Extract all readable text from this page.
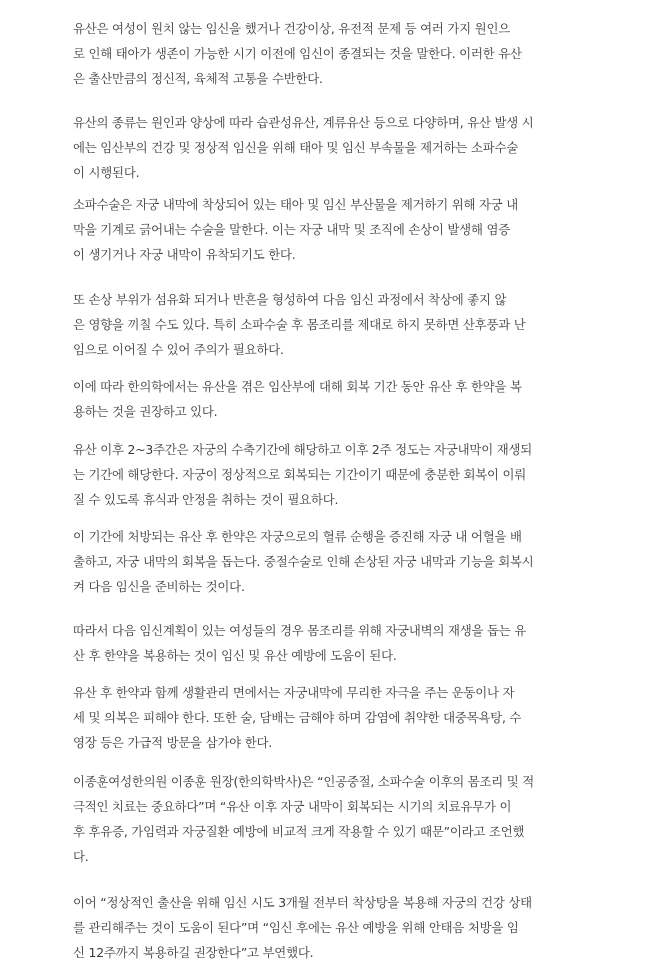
유산은 여성이 원치 않는 임신을 했거나 건강이상, 유전적 문제 등 여러 가지 원인으
로 인해 태아가 생존이 가능한 시기 이전에 임신이 종결되는 것을 말한다. 이러한 유산
은 출산만큼의 정신적, 육체적 고통을 수반한다.

유산의 종류는 원인과 양상에 따라 습관성유산, 계류유산 등으로 다양하며, 유산 발생 시
에는 임산부의 건강 및 정상적 임신을 위해 태아 및 임신 부속물을 제거하는 소파수술
이 시행된다.

소파수술은 자궁 내막에 착상되어 있는 태아 및 임신 부산물을 제거하기 위해 자궁 내
막을 기계로 긁어내는 수술을 말한다. 이는 자궁 내막 및 조직에 손상이 발생해 염증
이 생기거나 자궁 내막이 유착되기도 한다.

또 손상 부위가 섬유화 되거나 반흔을 형성하여 다음 임신 과정에서 착상에 좋지 않
은 영향을 끼칠 수도 있다. 특히 소파수술 후 몸조리를 제대로 하지 못하면 산후풍과 난
임으로 이어질 수 있어 주의가 필요하다.

이에 따라 한의학에서는 유산을 겪은 임산부에 대해 회복 기간 동안 유산 후 한약을 복
용하는 것을 권장하고 있다.

유산 이후 2~3주간은 자궁의 수축기간에 해당하고 이후 2주 정도는 자궁내막이 재생되
는 기간에 해당한다. 자궁이 정상적으로 회복되는 기간이기 때문에 충분한 회복이 이뤄
질 수 있도록 휴식과 안정을 취하는 것이 필요하다.

이 기간에 처방되는 유산 후 한약은 자궁으로의 혈류 순행을 증진해 자궁 내 어혈을 배
출하고, 자궁 내막의 회복을 돕는다. 중절수술로 인해 손상된 자궁 내막과 기능을 회복시
켜 다음 임신을 준비하는 것이다.

따라서 다음 임신계획이 있는 여성들의 경우 몸조리를 위해 자궁내벽의 재생을 돕는 유
산 후 한약을 복용하는 것이 임신 및 유산 예방에 도움이 된다.

유산 후 한약과 함께 생활관리 면에서는 자궁내막에 무리한 자극을 주는 운동이나 자
세 및 의복은 피해야 한다. 또한 술, 담배는 금해야 하며 감염에 취약한 대중목욕탕, 수
영장 등은 가급적 방문을 삼가야 한다.

이종훈여성한의원 이종훈 원장(한의학박사)은 “인공중절, 소파수술 이후의 몸조리 및 적
극적인 치료는 중요하다”며 “유산 이후 자궁 내막이 회복되는 시기의 치료유무가 이
후 후유증, 가임력과 자궁질환 예방에 비교적 크게 작용할 수 있기 때문”이라고 조언했
다.

이어 “정상적인 출산을 위해 임신 시도 3개월 전부터 착상탕을 복용해 자궁의 건강 상태
를 관리해주는 것이 도움이 된다”며 “임신 후에는 유산 예방을 위해 안태음 처방을 임
신 12주까지 복용하길 권장한다”고 부연했다.
